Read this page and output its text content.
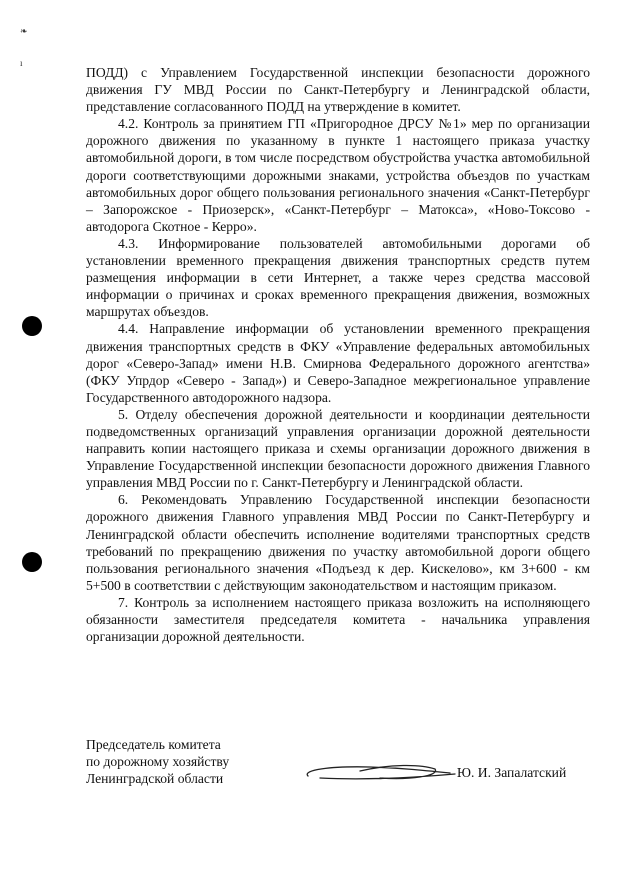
❧
ı

ПОДД) с Управлением Государственной инспекции безопасности дорожного движения ГУ МВД России по Санкт-Петербургу и Ленинградской области, представление согласованного ПОДД на утверждение в комитет.

4.2. Контроль за принятием ГП «Пригородное ДРСУ №1» мер по организации дорожного движения по указанному в пункте 1 настоящего приказа участку автомобильной дороги, в том числе посредством обустройства участка автомобильной дороги соответствующими дорожными знаками, устройства объездов по участкам автомобильных дорог общего пользования регионального значения «Санкт-Петербург – Запорожское - Приозерск», «Санкт-Петербург – Матокса», «Ново-Токсово - автодорога Скотное - Керро».

4.3. Информирование пользователей автомобильными дорогами об установлении временного прекращения движения транспортных средств путем размещения информации в сети Интернет, а также через средства массовой информации о причинах и сроках временного прекращения движения, возможных маршрутах объездов.

4.4. Направление информации об установлении временного прекращения движения транспортных средств в ФКУ «Управление федеральных автомобильных дорог «Северо-Запад» имени Н.В. Смирнова Федерального дорожного агентства» (ФКУ Упрдор «Северо - Запад») и Северо-Западное межрегиональное управление Государственного автодорожного надзора.

5. Отделу обеспечения дорожной деятельности и координации деятельности подведомственных организаций управления организации дорожной деятельности направить копии настоящего приказа и схемы организации дорожного движения в Управление Государственной инспекции безопасности дорожного движения Главного управления МВД России по г. Санкт-Петербургу и Ленинградской области.

6. Рекомендовать Управлению Государственной инспекции безопасности дорожного движения Главного управления МВД России по Санкт-Петербургу и Ленинградской области обеспечить исполнение водителями транспортных средств требований по прекращению движения по участку автомобильной дороги общего пользования регионального значения «Подъезд к дер. Кискелово», км 3+600 - км 5+500 в соответствии с действующим законодательством и настоящим приказом.

7. Контроль за исполнением настоящего приказа возложить на исполняющего обязанности заместителя председателя комитета - начальника управления организации дорожной деятельности.

Председатель комитета
по дорожному хозяйству
Ленинградской области	Ю. И. Запалатский
